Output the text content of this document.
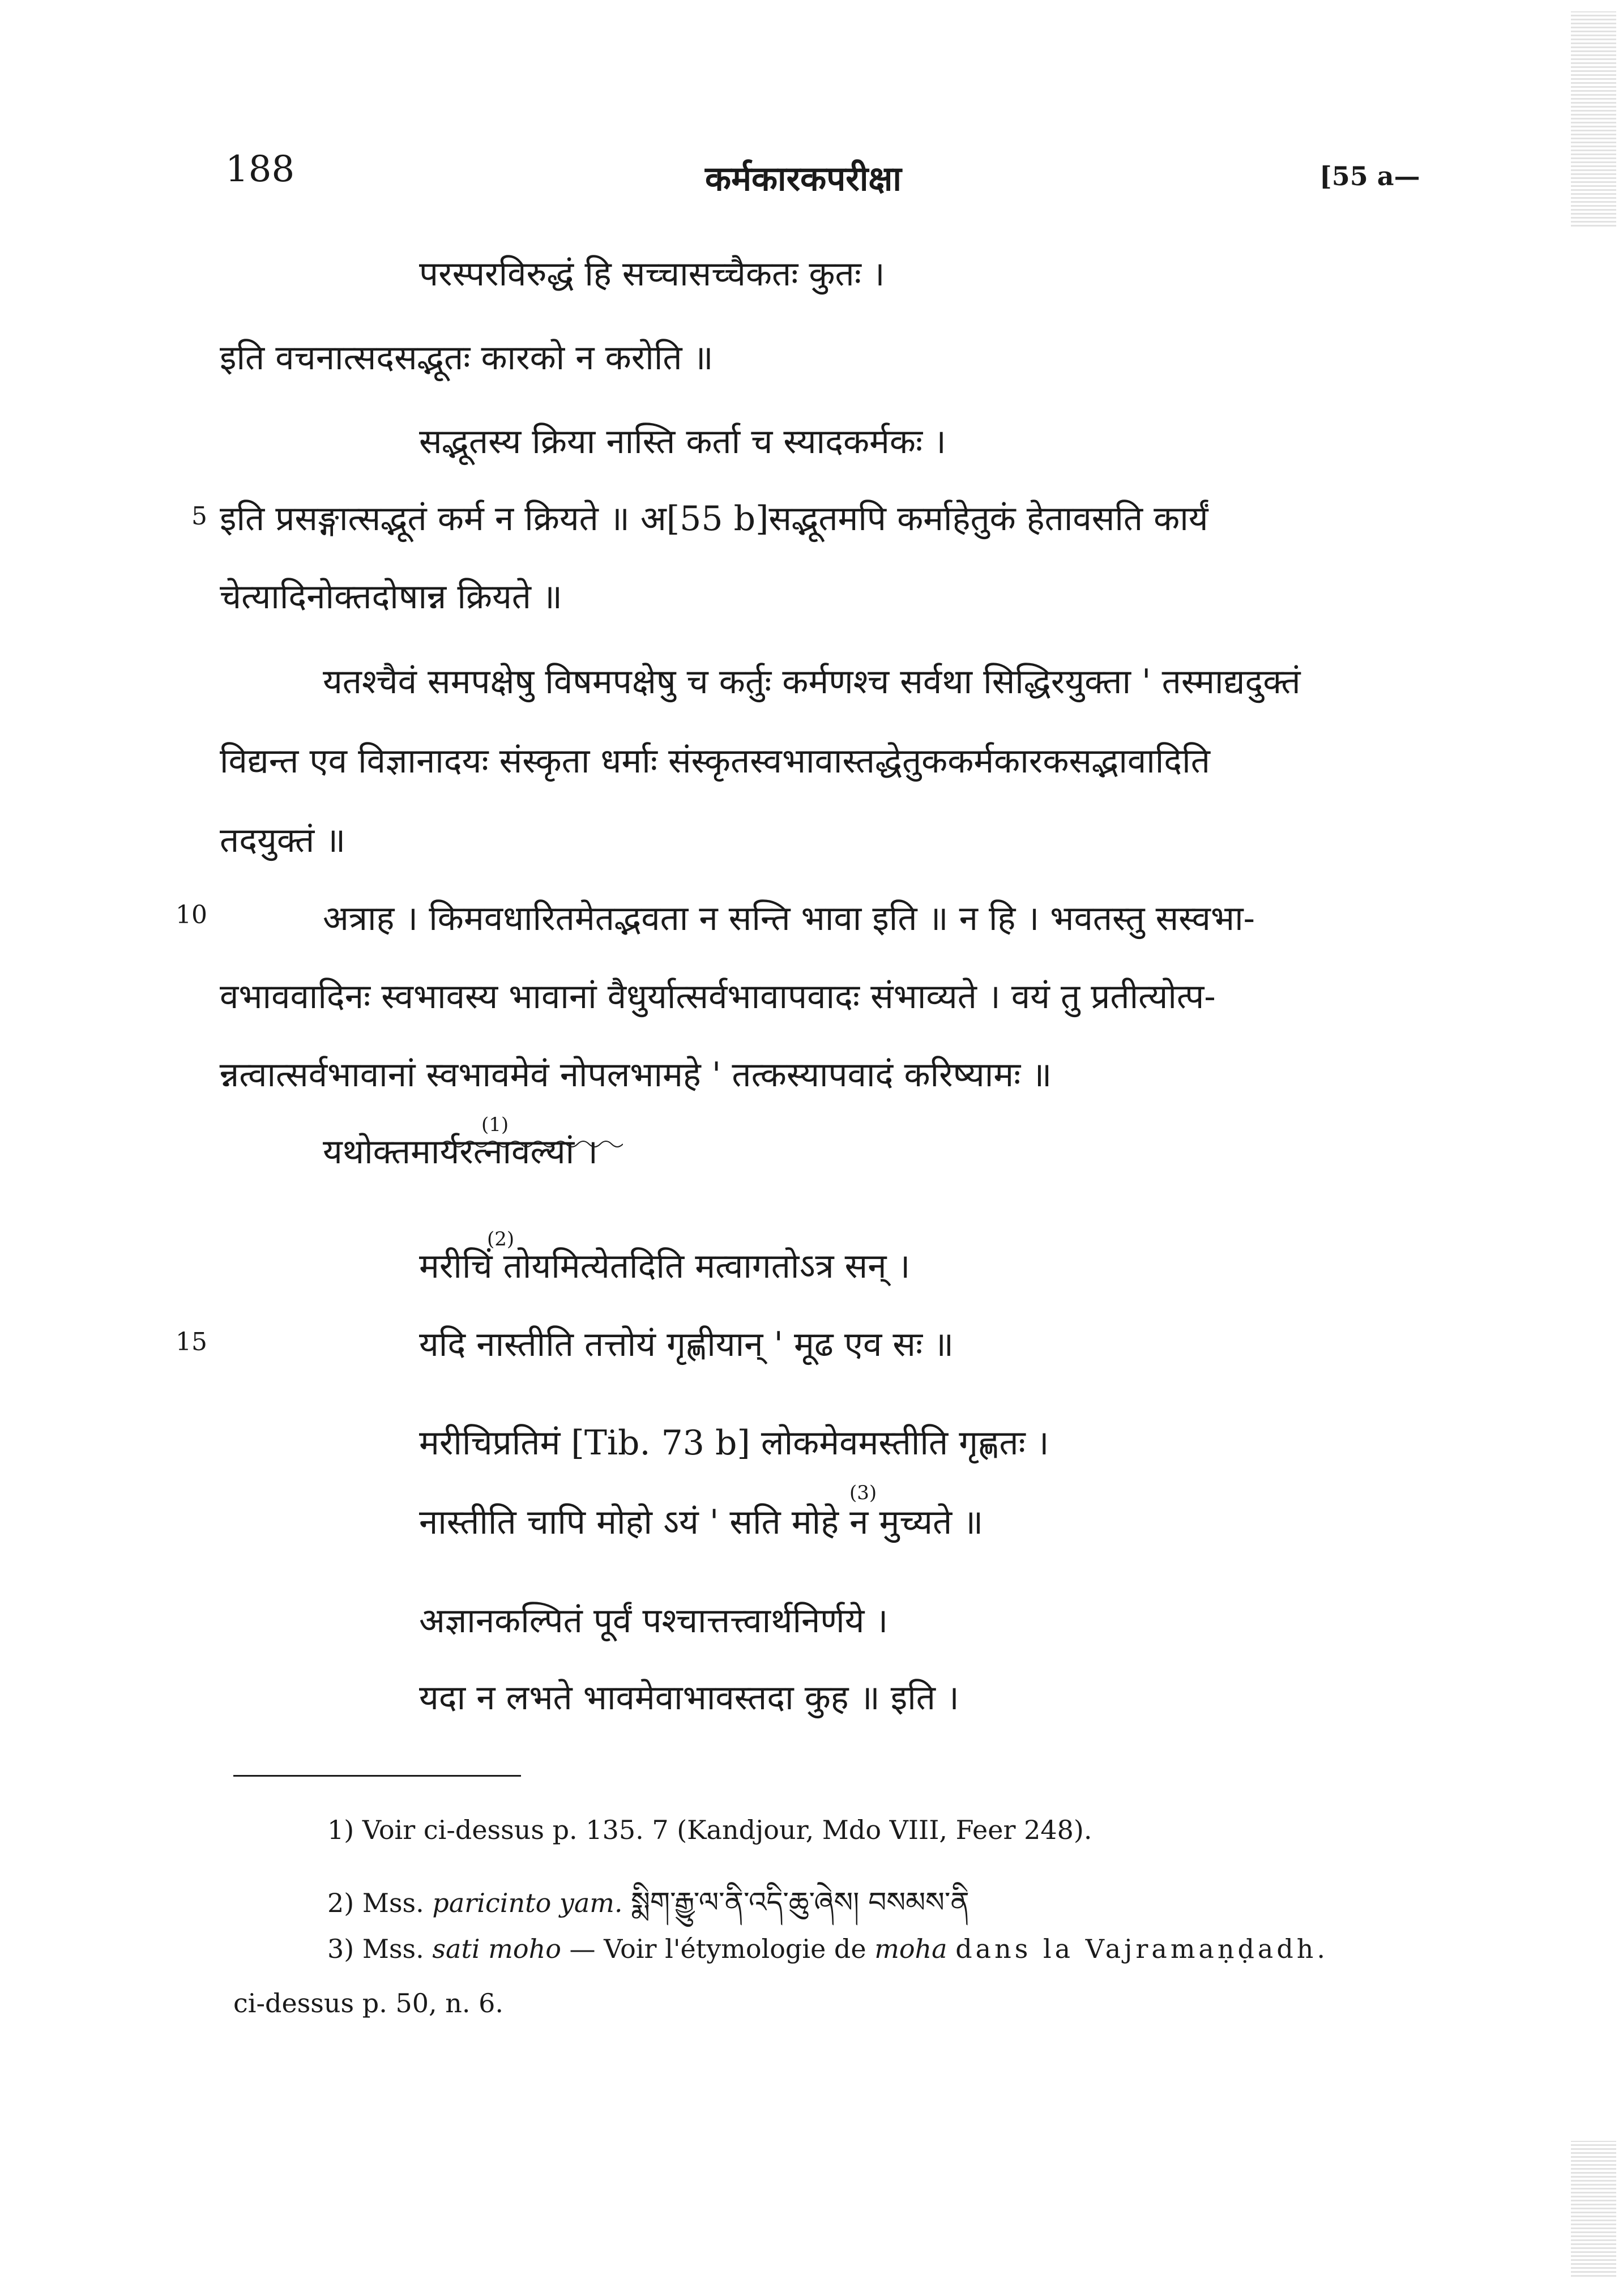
188	कर्मकारकपरीक्षा	[55 a—
परस्परविरुद्धं हि सच्चासच्चैकतः कुतः ।
इति वचनात्सदसद्भूतः कारको न करोति ॥
सद्भूतस्य क्रिया नास्ति कर्ता च स्यादकर्मकः ।
5 इति प्रसङ्गात्सद्भूतं कर्म न क्रियते ॥ अ[55 b]सद्भूतमपि कर्माहेतुकं हेतावसति कार्यं
चेत्यादिनोक्तदोषान्न क्रियते ॥
यतश्चैवं समपक्षेषु विषमपक्षेषु च कर्तुः कर्मणश्च सर्वथा सिद्धिरयुक्ता ' तस्माद्यदुक्तं
विद्यन्त एव विज्ञानादयः संस्कृता धर्माः संस्कृतस्वभावास्तद्धेतुककर्मकारकसद्भावादिति
तदयुक्तं ॥
10	अत्राह । किमवधारितमेतद्भवता न सन्ति भावा इति ॥ न हि । भवतस्तु सस्वभा-
वभाववादिनः स्वभावस्य भावानां वैधुर्यात्सर्वभावापवादः संभाव्यते । वयं तु प्रतीत्योत्प-
न्नत्वात्सर्वभावानां स्वभावमेवं नोपलभामहे ' तत्कस्यापवादं करिष्यामः ॥
यथोक्तमार्यरत्नावल्यां ।
(1)
मरीचिं तोयमित्येतदिति मत्वागतोऽत्र सन् ।
(2)
15	यदि नास्तीति तत्तोयं गृह्णीयान् ' मूढ एव सः ॥
मरीचिप्रतिमं [Tib. 73 b] लोकमेवमस्तीति गृह्णतः ।
नास्तीति चापि मोहो ऽयं ' सति मोहे न मुच्यते ॥
(3)
अज्ञानकल्पितं पूर्वं पश्चात्तत्त्वार्थनिर्णये ।
यदा न लभते भावमेवाभावस्तदा कुह ॥ इति ।
1) Voir ci-dessus p. 135. 7 (Kandjour, Mdo VIII, Feer 248).
2) Mss. paricinto yam. སྨིག་རྒྱུ་ལ་ནི་འདི་ཆུ་ཞེས། བསམས་ནི
3) Mss. sati moho — Voir l'étymologie de moha dans la Vajramaṇḍadh.
ci-dessus p. 50, n. 6.
